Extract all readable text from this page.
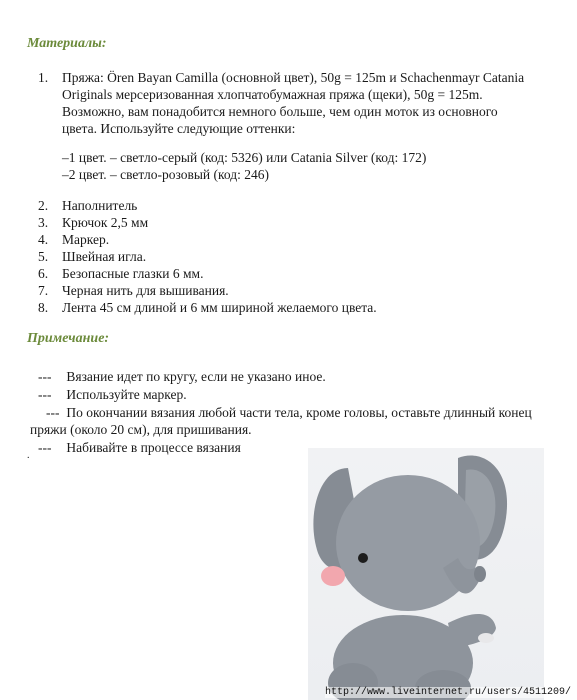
Материалы:
1. Пряжа: Ören Bayan Camilla (основной цвет), 50g = 125m и Schachenmayr Catania Originals мерсеризованная хлопчатобумажная пряжа (щеки), 50g = 125m. Возможно, вам понадобится немного больше, чем один моток из основного цвета. Используйте следующие оттенки:
–1 цвет. – светло-серый (код: 5326) или Catania Silver (код: 172)
–2 цвет. – светло-розовый (код: 246)
2. Наполнитель
3. Крючок 2,5 мм
4. Маркер.
5. Швейная игла.
6. Безопасные глазки 6 мм.
7. Черная нить для вышивания.
8. Лента 45 см длиной и 6 мм шириной желаемого цвета.
Примечание:
--- Вязание идет по кругу, если не указано иное.
--- Используйте маркер.
--- По окончании вязания любой части тела, кроме головы, оставьте длинный конец пряжи (около 20 см), для пришивания.
--- Набивайте в процессе вязания
.
http://www.liveinternet.ru/users/4511209/
